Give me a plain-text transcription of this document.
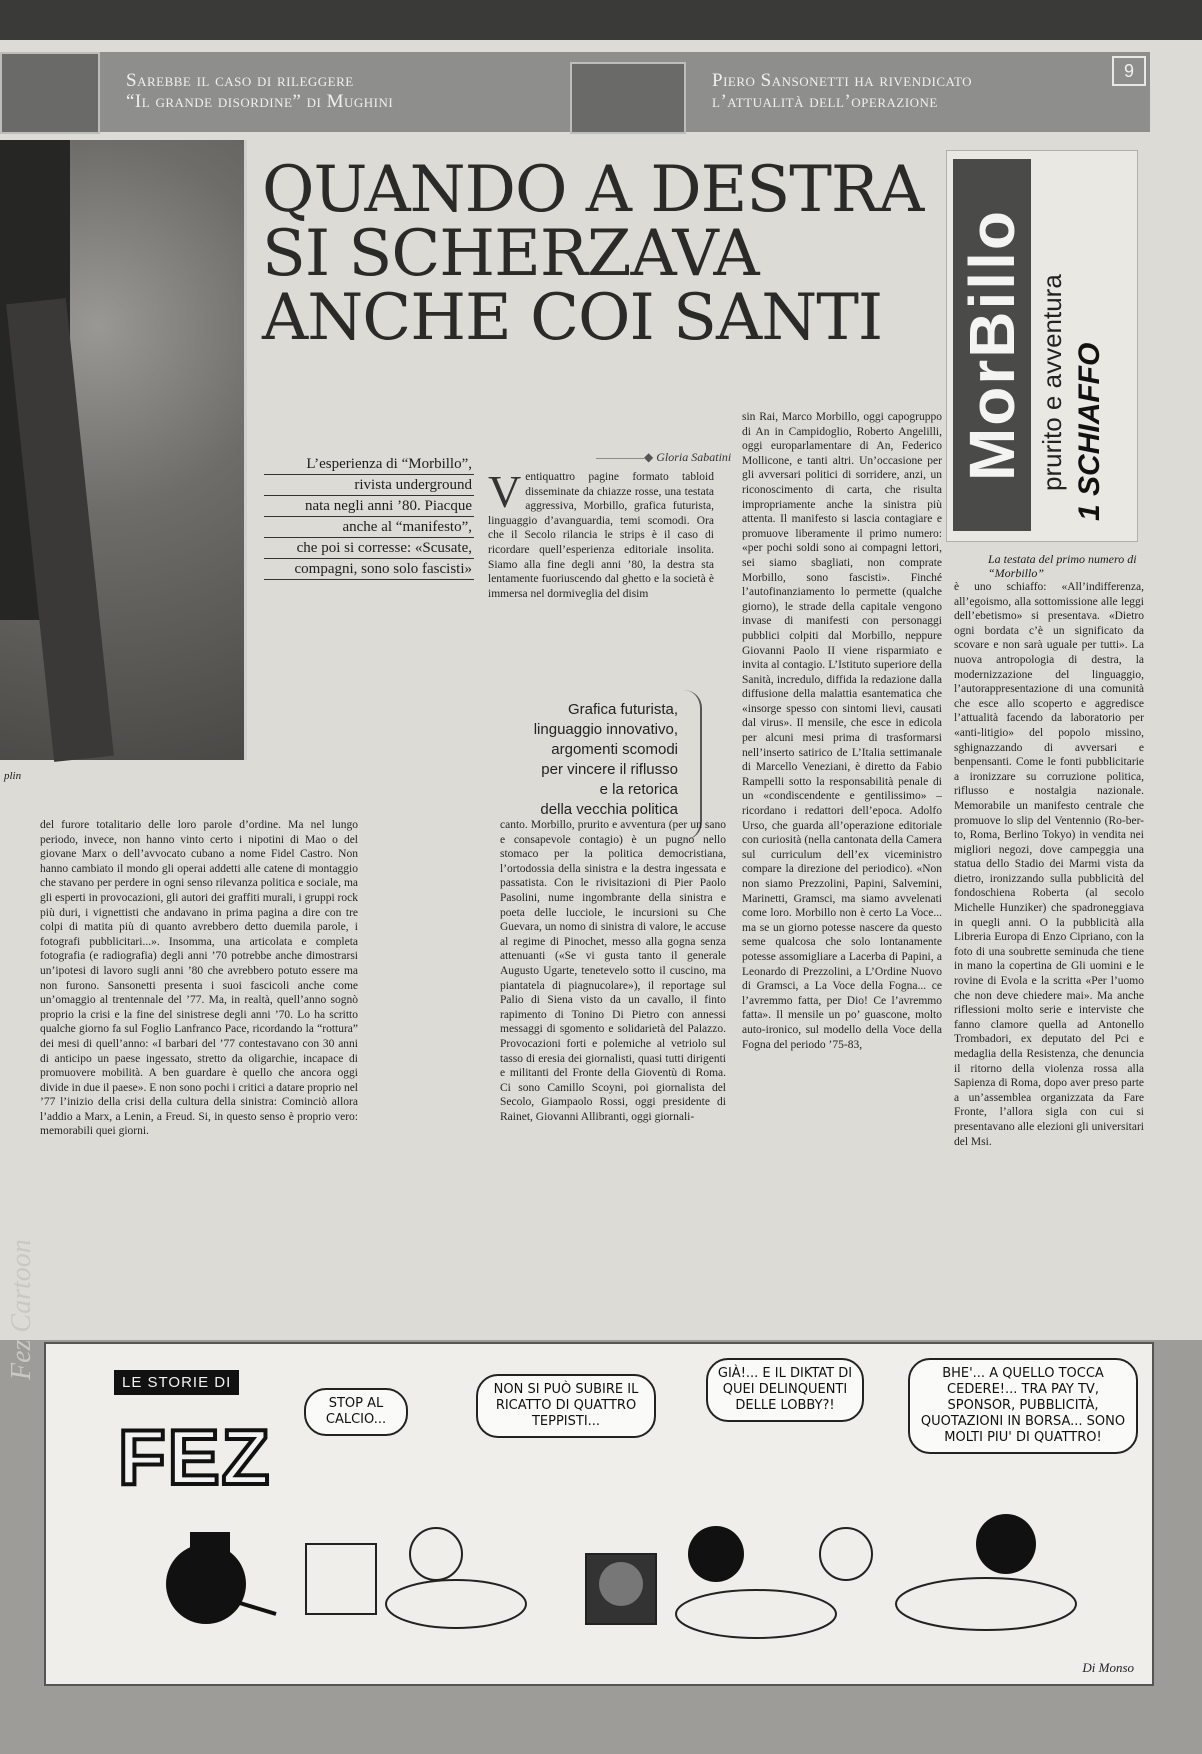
Sarebbe il caso di rileggere
“Il grande disordine” di Mughini
Piero Sansonetti ha rivendicato
l’attualità dell’operazione
9
plin
QUANDO A DESTRA
SI SCHERZAVA
ANCHE COI SANTI	MorBillo prurito e avventura 1 SCHIAFFO
La testata del primo numero di “Morbillo”
L’esperienza di “Morbillo”,
rivista underground
nata negli anni ’80. Piacque
anche al “manifesto”,
che poi si corresse: «Scusate,
compagni, sono solo fascisti»
————◆ Gloria Sabatini
V entiquattro pagine formato tabloid disseminate da chiazze rosse, una testata aggressiva, Morbillo, grafica futurista, linguaggio d’avanguardia, temi scomodi. Ora che il Secolo rilancia le strips è il caso di ricordare quell’esperienza editoriale insolita. Siamo alla fine degli anni ’80, la destra sta lentamente fuoriuscendo dal ghetto e la società è immersa nel dormiveglia del disim
Grafica futurista,
linguaggio innovativo,
argomenti scomodi
per vincere il riflusso
e la retorica
della vecchia politica
sin Rai, Marco Morbillo, oggi capogruppo di An in Campidoglio, Roberto Angelilli, oggi europarlamentare di An, Federico Mollicone, e tanti altri. Un’occasione per gli avversari politici di sorridere, anzi, un riconoscimento di carta, che risulta impropriamente anche la sinistra più attenta. Il manifesto si lascia contagiare e promuove liberamente il primo numero: «per pochi soldi sono ai compagni lettori, sei siamo sbagliati, non comprate Morbillo, sono fascisti». Finché l’autofinanziamento lo permette (qualche giorno), le strade della capitale vengono invase di manifesti con personaggi pubblici colpiti dal Morbillo, neppure Giovanni Paolo II viene risparmiato e invita al contagio. L’Istituto superiore della Sanità, incredulo, diffida la redazione dalla diffusione della malattia esantematica che «insorge spesso con sintomi lievi, causati dal virus». Il mensile, che esce in edicola per alcuni mesi prima di trasformarsi nell’inserto satirico de L’Italia settimanale di Marcello Veneziani, è diretto da Fabio Rampelli sotto la responsabilità penale di un «condiscendente e gentilissimo» – ricordano i redattori dell’epoca. Adolfo Urso, che guarda all’operazione editoriale con curiosità (nella cantonata della Camera sul curriculum dell’ex viceministro compare la direzione del periodico). «Non non siamo Prezzolini, Papini, Salvemini, Marinetti, Gramsci, ma siamo avvelenati come loro. Morbillo non è certo La Voce... ma se un giorno potesse nascere da questo seme qualcosa che solo lontanamente potesse assomigliare a Lacerba di Papini, a Leonardo di Prezzolini, a L’Ordine Nuovo di Gramsci, a La Voce della Fogna... ce l’avremmo fatta, per Dio! Ce l’avremmo fatta». Il mensile un po’ guascone, molto auto-ironico, sul modello della Voce della Fogna del periodo ’75-83,
è uno schiaffo: «All’indifferenza, all’egoismo, alla sottomissione alle leggi dell’ebetismo» si presentava. «Dietro ogni bordata c’è un significato da scovare e non sarà uguale per tutti». La nuova antropologia di destra, la modernizzazione del linguaggio, l’autorappresentazione di una comunità che esce allo scoperto e aggredisce l’attualità facendo da laboratorio per «anti-litigio» del popolo missino, sghignazzando di avversari e benpensanti. Come le fonti pubblicitarie a ironizzare su corruzione politica, riflusso e nostalgia nazionale. Memorabile un manifesto centrale che promuove lo slip del Ventennio (Ro-ber-to, Roma, Berlino Tokyo) in vendita nei migliori negozi, dove campeggia una statua dello Stadio dei Marmi vista da dietro, ironizzando sulla pubblicità del fondoschiena Roberta (al secolo Michelle Hunziker) che spadroneggiava in quegli anni. O la pubblicità alla Libreria Europa di Enzo Cipriano, con la foto di una soubrette seminuda che tiene in mano la copertina de Gli uomini e le rovine di Evola e la scritta «Per l’uomo che non deve chiedere mai». Ma anche riflessioni molto serie e interviste che fanno clamore quella ad Antonello Trombadori, ex deputato del Pci e medaglia della Resistenza, che denuncia il ritorno della violenza rossa alla Sapienza di Roma, dopo aver preso parte a un’assemblea organizzata da Fare Fronte, l’allora sigla con cui si presentavano alle elezioni gli universitari del Msi.
del furore totalitario delle loro parole d’ordine. Ma nel lungo periodo, invece, non hanno vinto certo i nipotini di Mao o del giovane Marx o dell’avvocato cubano a nome Fidel Castro. Non hanno cambiato il mondo gli operai addetti alle catene di montaggio che stavano per perdere in ogni senso rilevanza politica e sociale, ma gli esperti in provocazioni, gli autori dei graffiti murali, i gruppi rock più duri, i vignettisti che andavano in prima pagina a dire con tre colpi di matita più di quanto avrebbero detto duemila parole, i fotografi pubblicitari...». Insomma, una articolata e completa fotografia (e radiografia) degli anni ’70 potrebbe anche dimostrarsi un’ipotesi di lavoro sugli anni ’80 che avrebbero potuto essere ma non furono. Sansonetti presenta i suoi fascicoli anche come un’omaggio al trentennale del ’77. Ma, in realtà, quell’anno sognò proprio la crisi e la fine del sinistrese degli anni ’70. Lo ha scritto qualche giorno fa sul Foglio Lanfranco Pace, ricordando la “rottura” dei mesi di quell’anno: «I barbari del ’77 contestavano con 30 anni di anticipo un paese ingessato, stretto da oligarchie, incapace di promuovere mobilità. A ben guardare è quello che ancora oggi divide in due il paese». E non sono pochi i critici a datare proprio nel ’77 l’inizio della crisi della cultura della sinistra: Cominciò allora l’addio a Marx, a Lenin, a Freud. Si, in questo senso è proprio vero: memorabili quei giorni.
canto. Morbillo, prurito e avventura (per un sano e consapevole contagio) è un pugno nello stomaco per la politica democristiana, l’ortodossia della sinistra e la destra ingessata e passatista. Con le rivisitazioni di Pier Paolo Pasolini, nume ingombrante della sinistra e poeta delle lucciole, le incursioni su Che Guevara, un nomo di sinistra di valore, le accuse al regime di Pinochet, messo alla gogna senza attenuanti («Se vi gusta tanto il generale Augusto Ugarte, tenetevelo sotto il cuscino, ma piantatela di piagnucolare»), il reportage sul Palio di Siena visto da un cavallo, il finto rapimento di Tonino Di Pietro con annessi messaggi di sgomento e solidarietà del Palazzo. Provocazioni forti e polemiche al vetriolo sul tasso di eresia dei giornalisti, quasi tutti dirigenti e militanti del Fronte della Gioventù di Roma. Ci sono Camillo Scoyni, poi giornalista del Secolo, Giampaolo Rossi, oggi presidente di Rainet, Giovanni Allibranti, oggi giornali-
Fez Cartoon
LE STORIE DI
FEZ
STOP AL CALCIO...
NON SI PUÒ SUBIRE IL RICATTO DI QUATTRO TEPPISTI...
GIÀ!... E IL DIKTAT DI QUEI DELINQUENTI DELLE LOBBY?!
BHE'... A QUELLO TOCCA CEDERE!... TRA PAY TV, SPONSOR, PUBBLICITÀ, QUOTAZIONI IN BORSA... SONO MOLTI PIU' DI QUATTRO!
Di Monso
